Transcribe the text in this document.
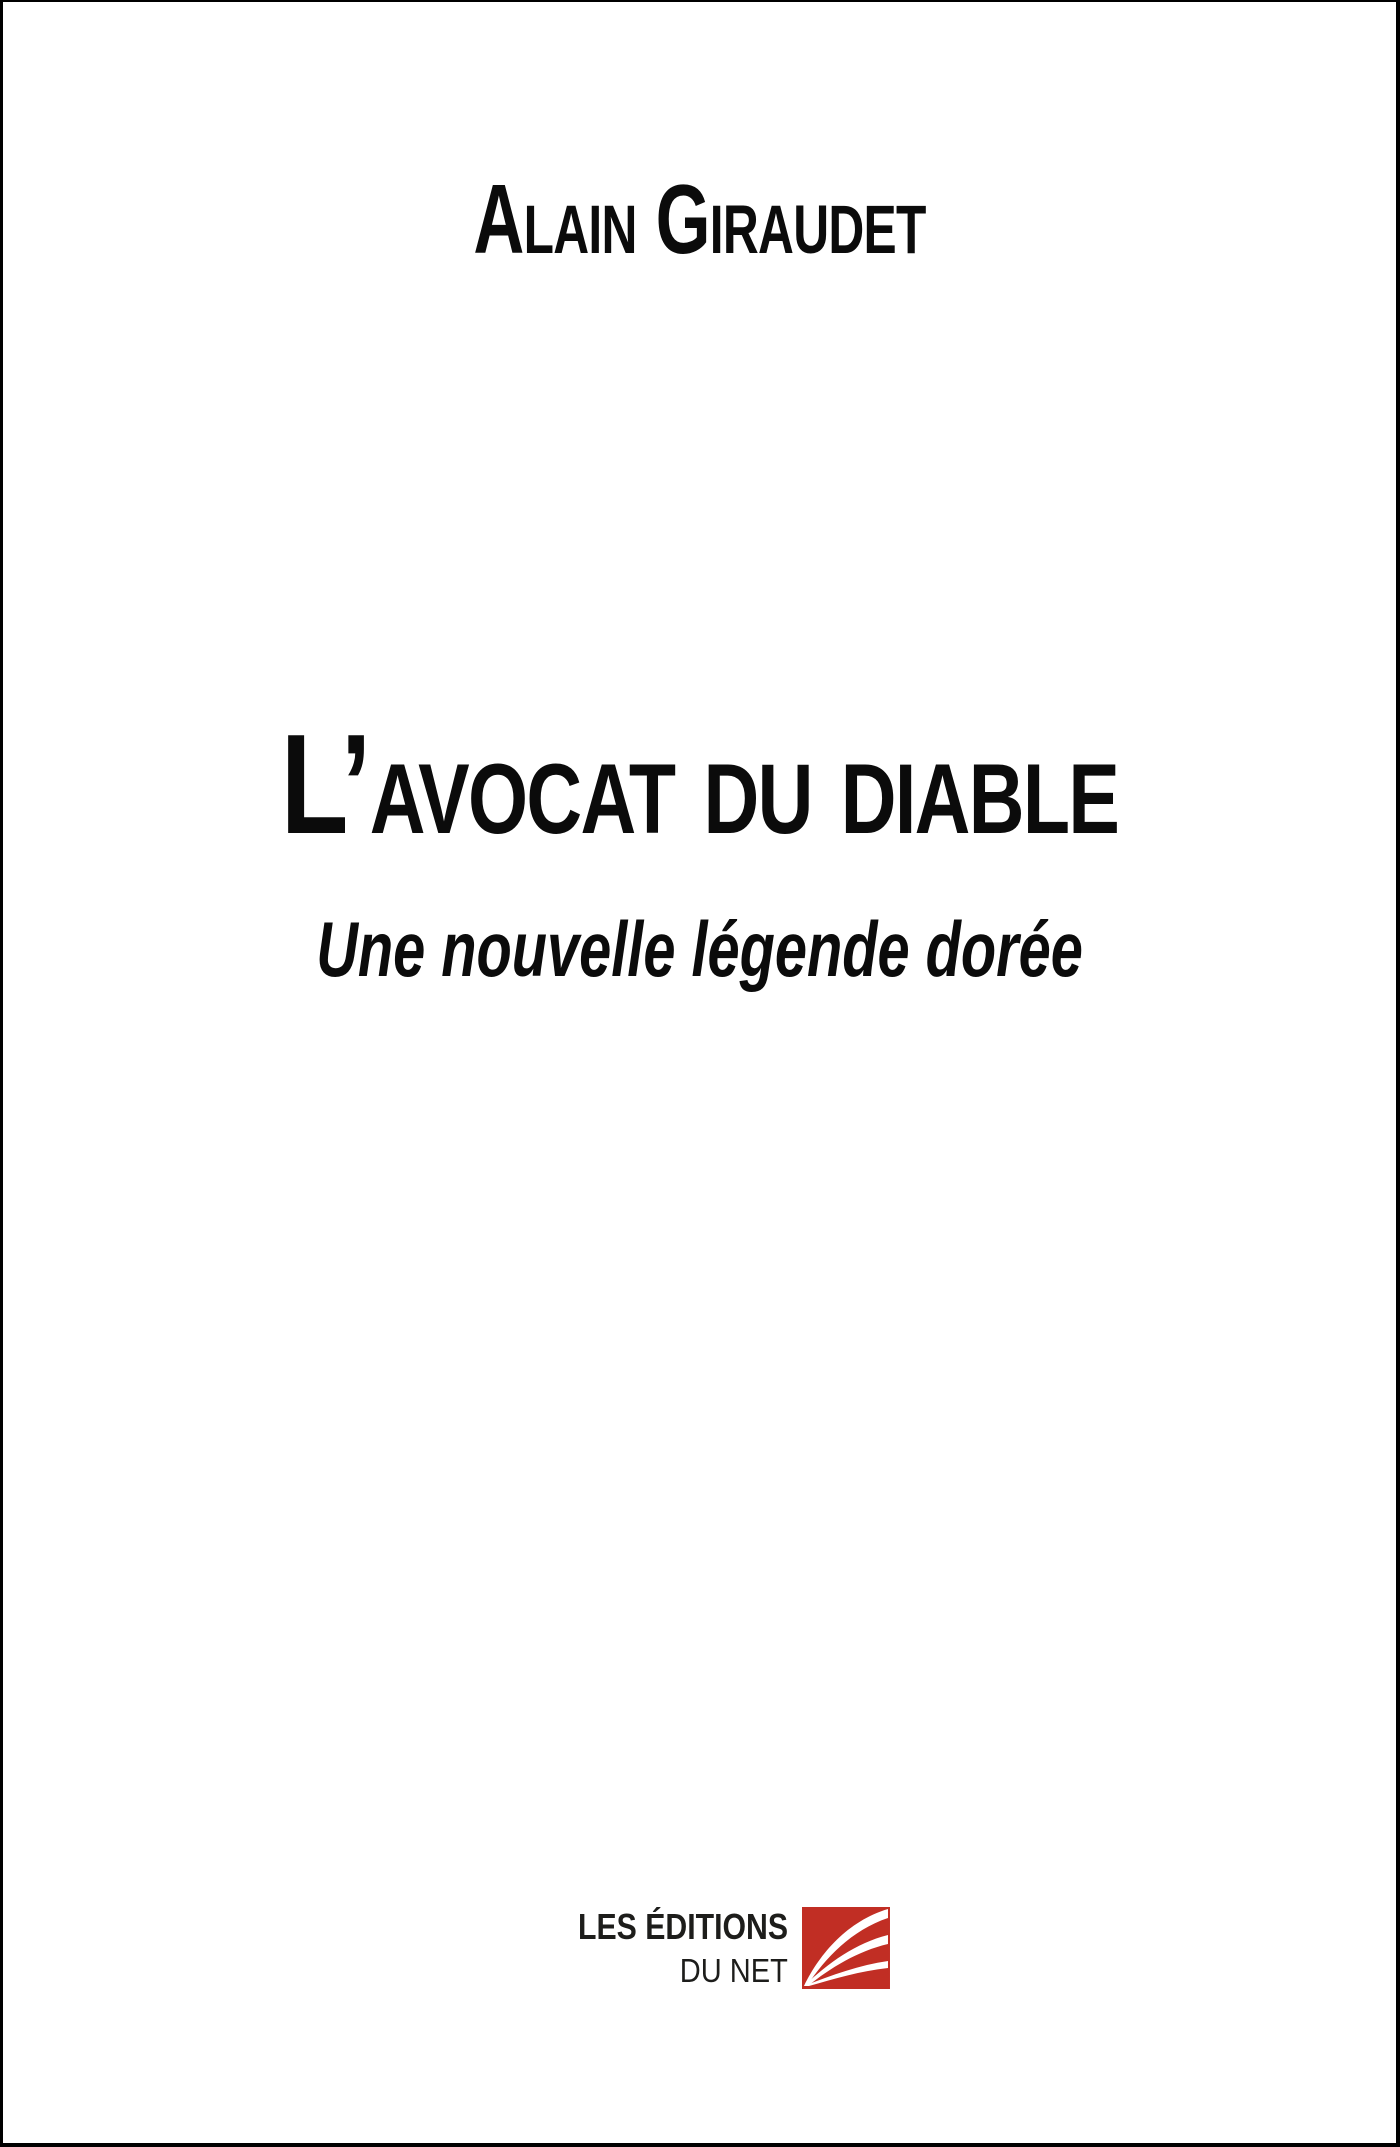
Alain Giraudet
L’avocat du diable
Une nouvelle légende dorée
LES ÉDITIONS
DU NET
